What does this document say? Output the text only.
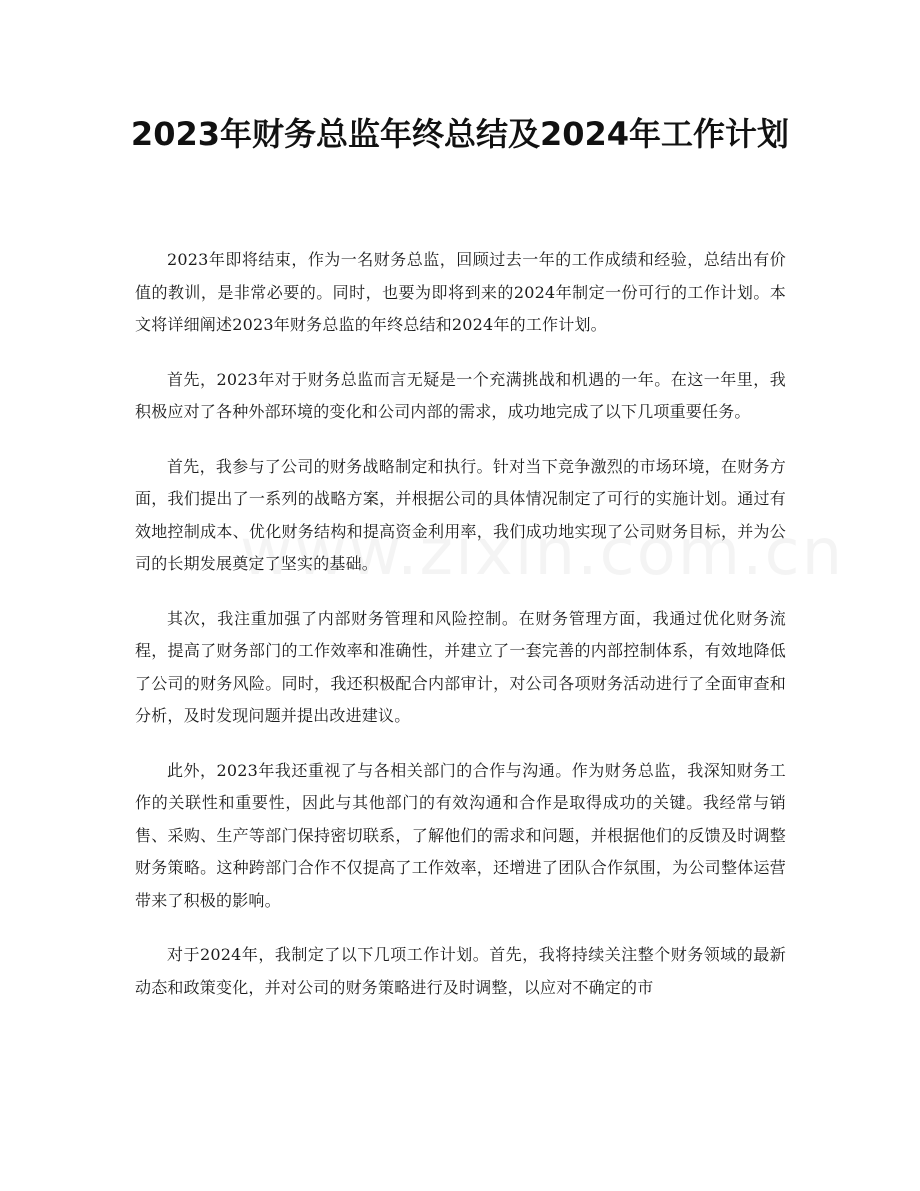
2023年财务总监年终总结及2024年工作计划

2023年即将结束，作为一名财务总监，回顾过去一年的工作成绩和经验，总结出有价值的教训，是非常必要的。同时，也要为即将到来的2024年制定一份可行的工作计划。本文将详细阐述2023年财务总监的年终总结和2024年的工作计划。

首先，2023年对于财务总监而言无疑是一个充满挑战和机遇的一年。在这一年里，我积极应对了各种外部环境的变化和公司内部的需求，成功地完成了以下几项重要任务。

首先，我参与了公司的财务战略制定和执行。针对当下竞争激烈的市场环境，在财务方面，我们提出了一系列的战略方案，并根据公司的具体情况制定了可行的实施计划。通过有效地控制成本、优化财务结构和提高资金利用率，我们成功地实现了公司财务目标，并为公司的长期发展奠定了坚实的基础。

其次，我注重加强了内部财务管理和风险控制。在财务管理方面，我通过优化财务流程，提高了财务部门的工作效率和准确性，并建立了一套完善的内部控制体系，有效地降低了公司的财务风险。同时，我还积极配合内部审计，对公司各项财务活动进行了全面审查和分析，及时发现问题并提出改进建议。

此外，2023年我还重视了与各相关部门的合作与沟通。作为财务总监，我深知财务工作的关联性和重要性，因此与其他部门的有效沟通和合作是取得成功的关键。我经常与销售、采购、生产等部门保持密切联系，了解他们的需求和问题，并根据他们的反馈及时调整财务策略。这种跨部门合作不仅提高了工作效率，还增进了团队合作氛围，为公司整体运营带来了积极的影响。

对于2024年，我制定了以下几项工作计划。首先，我将持续关注整个财务领域的最新动态和政策变化，并对公司的财务策略进行及时调整，以应对不确定的市
